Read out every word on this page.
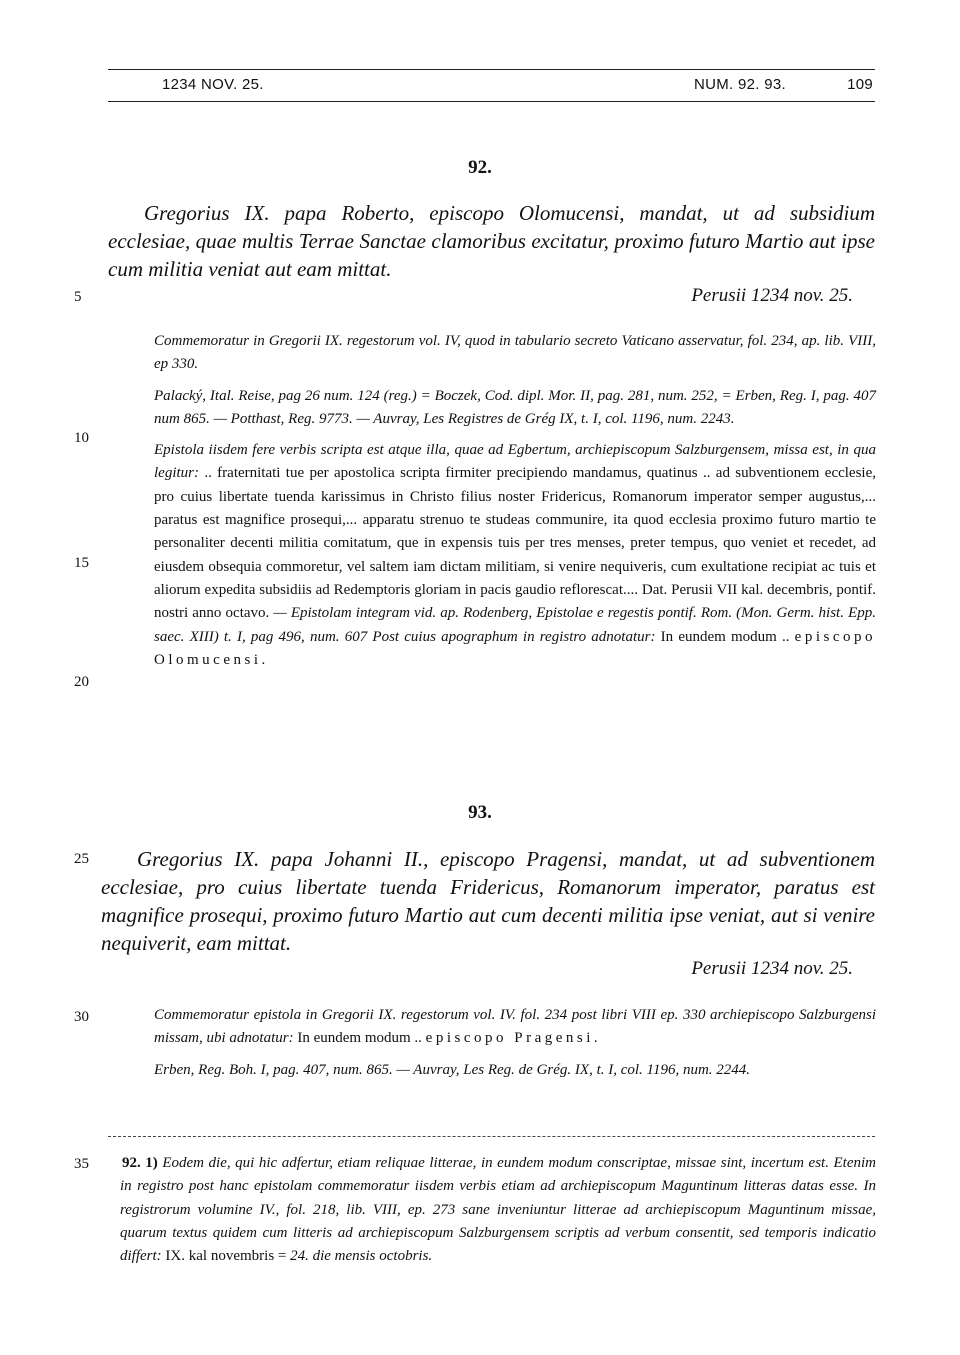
1234 NOV. 25.	NUM. 92. 93.	109
92.
Gregorius IX. papa Roberto, episcopo Olomucensi, mandat, ut ad subsidium ecclesiae, quae multis Terrae Sanctae clamoribus excitatur, proximo futuro Martio aut ipse cum militia veniat aut eam mittat.
Perusii 1234 nov. 25.

Commemoratur in Gregorii IX. regestorum vol. IV, quod in tabulario secreto Vaticano asservatur, fol. 234, ap. lib. VIII, ep 330.

Palacký, Ital. Reise, pag 26 num. 124 (reg.) = Boczek, Cod. dipl. Mor. II, pag. 281, num. 252, = Erben, Reg. I, pag. 407 num 865. — Potthast, Reg. 9773. — Auvray, Les Registres de Grég IX, t. I, col. 1196, num. 2243.

Epistola iisdem fere verbis scripta est atque illa, quae ad Egbertum, archiepiscopum Salzburgensem, missa est, in qua legitur: .. fraternitati tue per apostolica scripta firmiter precipiendo mandamus, quatinus .. ad subventionem ecclesie, pro cuius libertate tuenda karissimus in Christo filius noster Fridericus, Romanorum imperator semper augustus,... paratus est magnifice prosequi,... apparatu strenuo te studeas communire, ita quod ecclesia proximo futuro martio te personaliter decenti militia comitatum, que in expensis tuis per tres menses, preter tempus, quo veniet et recedet, ad eiusdem obsequia commoretur, vel saltem iam dictam militiam, si venire nequiveris, cum exultatione recipiat ac tuis et aliorum expedita subsidiis ad Redemptoris gloriam in pacis gaudio reflorescat.... Dat. Perusii VII kal. decembris, pontif. nostri anno octavo. — Epistolam integram vid. ap. Rodenberg, Epistolae e regestis pontif. Rom. (Mon. Germ. hist. Epp. saec. XIII) t. I, pag 496, num. 607 Post cuius apographum in registro adnotatur: In eundem modum .. episcopo Olomucensi.

93.
Gregorius IX. papa Johanni II., episcopo Pragensi, mandat, ut ad subventionem ecclesiae, pro cuius libertate tuenda Fridericus, Romanorum imperator, paratus est magnifice prosequi, proximo futuro Martio aut cum decenti militia ipse veniat, aut si venire nequiverit, eam mittat.
Perusii 1234 nov. 25.

Commemoratur epistola in Gregorii IX. regestorum vol. IV. fol. 234 post libri VIII ep. 330 archiepiscopo Salzburgensi missam, ubi adnotatur: In eundem modum .. episcopo Pragensi.

Erben, Reg. Boh. I, pag. 407, num. 865. — Auvray, Les Reg. de Grég. IX, t. I, col. 1196, num. 2244.

92. 1) Eodem die, qui hic adfertur, etiam reliquae litterae, in eundem modum conscriptae, missae sint, incertum est. Etenim in registro post hanc epistolam commemoratur iisdem verbis etiam ad archiepiscopum Maguntinum litteras datas esse. In registrorum volumine IV., fol. 218, lib. VIII, ep. 273 sane inveniuntur litterae ad archiepiscopum Maguntinum missae, quarum textus quidem cum litteris ad archiepiscopum Salzburgensem scriptis ad verbum consentit, sed temporis indicatio differt: IX. kal novembris = 24. die mensis octobris.

5
10
15
20
25
30
35
